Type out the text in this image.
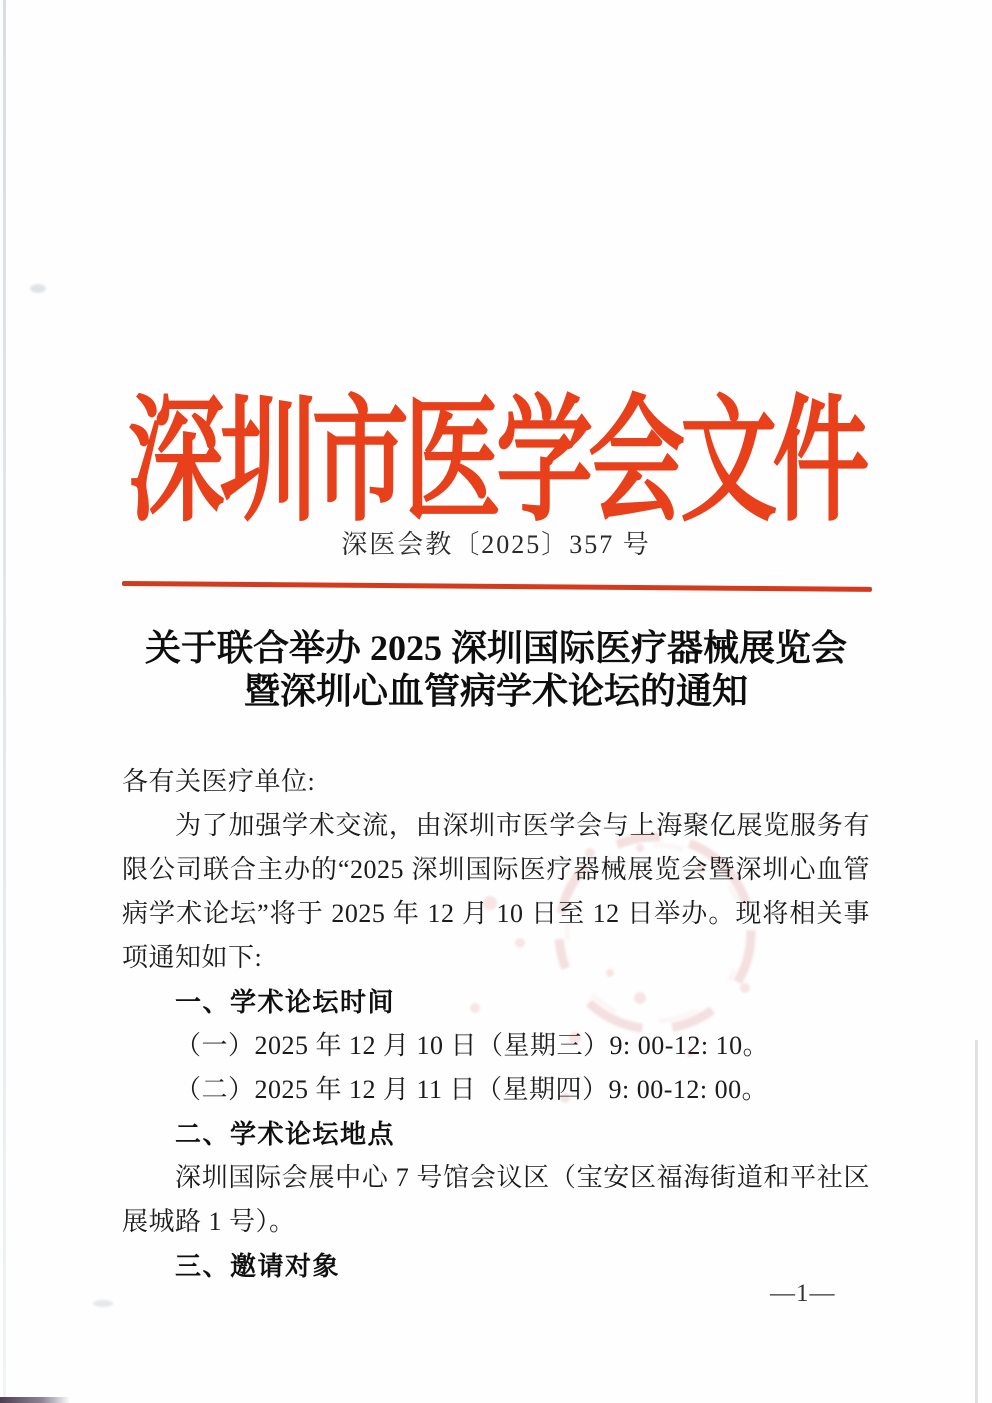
深圳市医学会文件
深医会教〔2025〕357 号
关于联合举办 2025 深圳国际医疗器械展览会
暨深圳心血管病学术论坛的通知

各有关医疗单位:

为了加强学术交流，由深圳市医学会与上海聚亿展览服务有限公司联合主办的“2025 深圳国际医疗器械展览会暨深圳心血管病学术论坛”将于 2025 年 12 月 10 日至 12 日举办。现将相关事项通知如下:

一、学术论坛时间

（一）2025 年 12 月 10 日（星期三）9: 00-12: 10。

（二）2025 年 12 月 11 日（星期四）9: 00-12: 00。

二、学术论坛地点

深圳国际会展中心 7 号馆会议区（宝安区福海街道和平社区展城路 1 号）。

三、邀请对象

—1—
